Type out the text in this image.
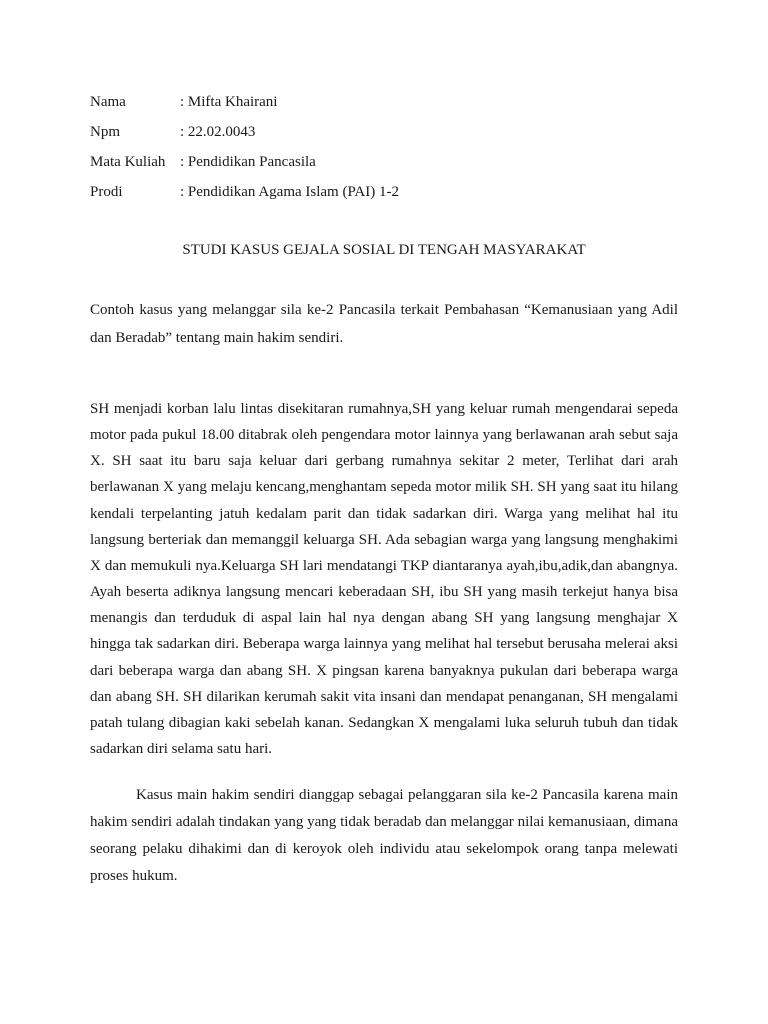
Nama	: Mifta Khairani
Npm	: 22.02.0043
Mata Kuliah : Pendidikan Pancasila
Prodi	: Pendidikan Agama Islam (PAI) 1-2
STUDI KASUS GEJALA SOSIAL DI TENGAH MASYARAKAT

Contoh kasus yang melanggar sila ke-2 Pancasila terkait Pembahasan “Kemanusiaan yang Adil dan Beradab” tentang main hakim sendiri.

SH menjadi korban lalu lintas disekitaran rumahnya,SH yang keluar rumah mengendarai sepeda motor pada pukul 18.00 ditabrak oleh pengendara motor lainnya yang berlawanan arah sebut saja X. SH saat itu baru saja keluar dari gerbang rumahnya sekitar 2 meter, Terlihat dari arah berlawanan X yang melaju kencang,menghantam sepeda motor milik SH. SH yang saat itu hilang kendali terpelanting jatuh kedalam parit dan tidak sadarkan diri. Warga yang melihat hal itu langsung berteriak dan memanggil keluarga SH. Ada sebagian warga yang langsung menghakimi X dan memukuli nya.Keluarga SH lari mendatangi TKP diantaranya ayah,ibu,adik,dan abangnya. Ayah beserta adiknya langsung mencari keberadaan SH, ibu SH yang masih terkejut hanya bisa menangis dan terduduk di aspal lain hal nya dengan abang SH yang langsung menghajar X hingga tak sadarkan diri. Beberapa warga lainnya yang melihat hal tersebut berusaha melerai aksi dari beberapa warga dan abang SH. X pingsan karena banyaknya pukulan dari beberapa warga dan abang SH. SH dilarikan kerumah sakit vita insani dan mendapat penanganan, SH mengalami patah tulang dibagian kaki sebelah kanan. Sedangkan X mengalami luka seluruh tubuh dan tidak sadarkan diri selama satu hari.

Kasus main hakim sendiri dianggap sebagai pelanggaran sila ke-2 Pancasila karena main hakim sendiri adalah tindakan yang yang tidak beradab dan melanggar nilai kemanusiaan, dimana seorang pelaku dihakimi dan di keroyok oleh individu atau sekelompok orang tanpa melewati proses hukum.
